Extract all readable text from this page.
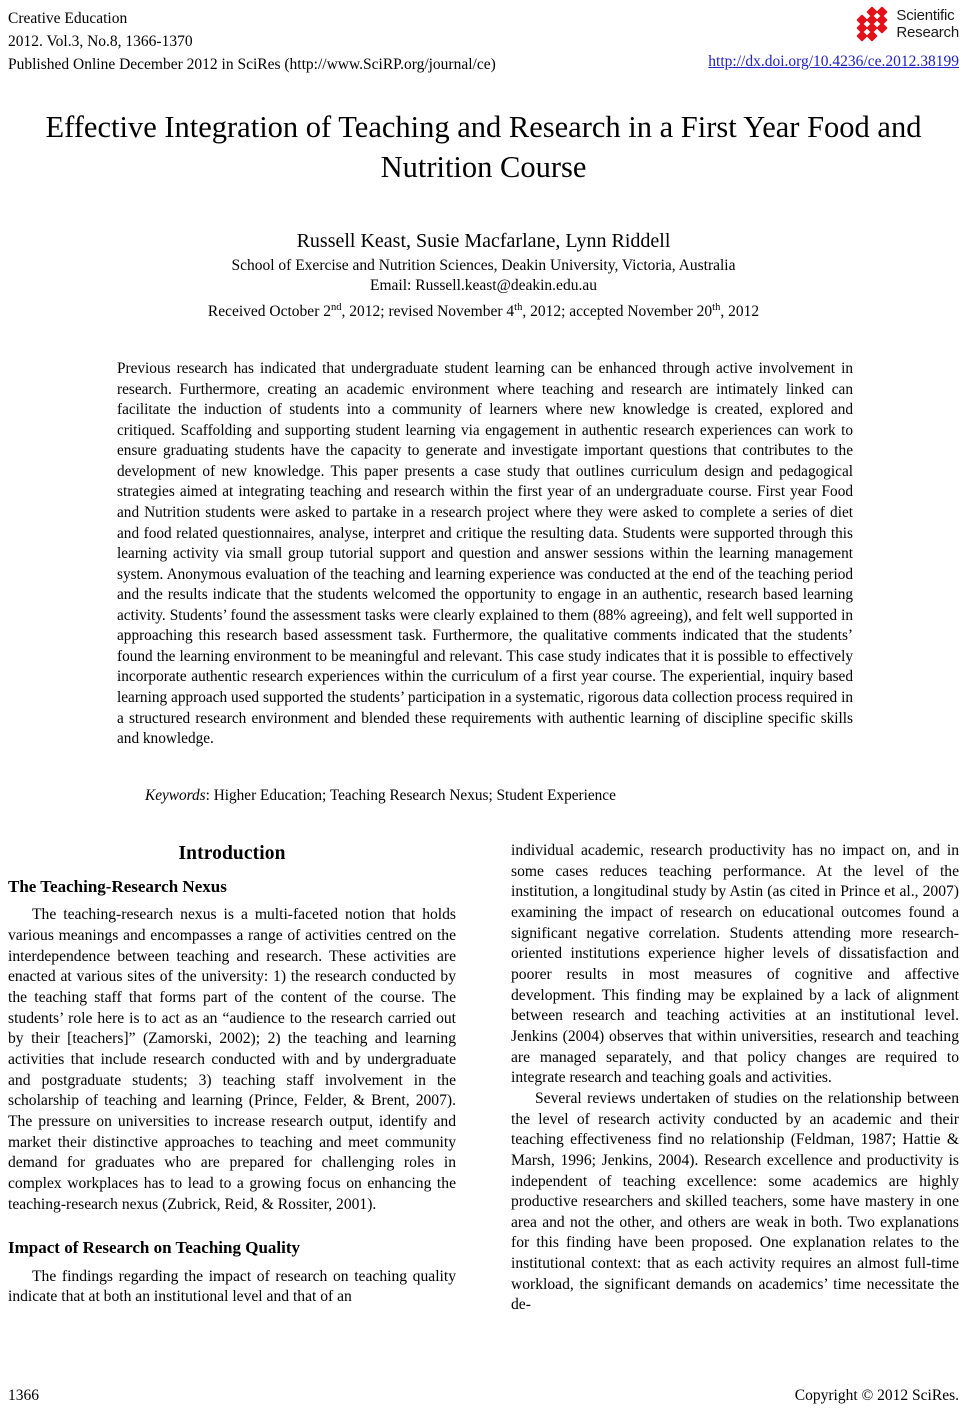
Creative Education
2012. Vol.3, No.8, 1366-1370
Published Online December 2012 in SciRes (http://www.SciRP.org/journal/ce)
Scientific
Research
http://dx.doi.org/10.4236/ce.2012.38199
Effective Integration of Teaching and Research in a First Year Food and Nutrition Course
Russell Keast, Susie Macfarlane, Lynn Riddell
School of Exercise and Nutrition Sciences, Deakin University, Victoria, Australia
Email: Russell.keast@deakin.edu.au
Received October 2nd, 2012; revised November 4th, 2012; accepted November 20th, 2012
Previous research has indicated that undergraduate student learning can be enhanced through active involvement in research. Furthermore, creating an academic environment where teaching and research are intimately linked can facilitate the induction of students into a community of learners where new knowledge is created, explored and critiqued. Scaffolding and supporting student learning via engagement in authentic research experiences can work to ensure graduating students have the capacity to generate and investigate important questions that contributes to the development of new knowledge. This paper presents a case study that outlines curriculum design and pedagogical strategies aimed at integrating teaching and research within the first year of an undergraduate course. First year Food and Nutrition students were asked to partake in a research project where they were asked to complete a series of diet and food related questionnaires, analyse, interpret and critique the resulting data. Students were supported through this learning activity via small group tutorial support and question and answer sessions within the learning management system. Anonymous evaluation of the teaching and learning experience was conducted at the end of the teaching period and the results indicate that the students welcomed the opportunity to engage in an authentic, research based learning activity. Students’ found the assessment tasks were clearly explained to them (88% agreeing), and felt well supported in approaching this research based assessment task. Furthermore, the qualitative comments indicated that the students’ found the learning environment to be meaningful and relevant. This case study indicates that it is possible to effectively incorporate authentic research experiences within the curriculum of a first year course. The experiential, inquiry based learning approach used supported the students’ participation in a systematic, rigorous data collection process required in a structured research environment and blended these requirements with authentic learning of discipline specific skills and knowledge.
Keywords: Higher Education; Teaching Research Nexus; Student Experience
Introduction
The Teaching-Research Nexus

The teaching-research nexus is a multi-faceted notion that holds various meanings and encompasses a range of activities centred on the interdependence between teaching and research. These activities are enacted at various sites of the university: 1) the research conducted by the teaching staff that forms part of the content of the course. The students’ role here is to act as an “audience to the research carried out by their [teachers]” (Zamorski, 2002); 2) the teaching and learning activities that include research conducted with and by undergraduate and postgraduate students; 3) teaching staff involvement in the scholarship of teaching and learning (Prince, Felder, & Brent, 2007). The pressure on universities to increase research output, identify and market their distinctive approaches to teaching and meet community demand for graduates who are prepared for challenging roles in complex workplaces has to lead to a growing focus on enhancing the teaching-research nexus (Zubrick, Reid, & Rossiter, 2001).

Impact of Research on Teaching Quality

The findings regarding the impact of research on teaching quality indicate that at both an institutional level and that of an

individual academic, research productivity has no impact on, and in some cases reduces teaching performance. At the level of the institution, a longitudinal study by Astin (as cited in Prince et al., 2007) examining the impact of research on educational outcomes found a significant negative correlation. Students attending more research-oriented institutions experience higher levels of dissatisfaction and poorer results in most measures of cognitive and affective development. This finding may be explained by a lack of alignment between research and teaching activities at an institutional level. Jenkins (2004) observes that within universities, research and teaching are managed separately, and that policy changes are required to integrate research and teaching goals and activities.

Several reviews undertaken of studies on the relationship between the level of research activity conducted by an academic and their teaching effectiveness find no relationship (Feldman, 1987; Hattie & Marsh, 1996; Jenkins, 2004). Research excellence and productivity is independent of teaching excellence: some academics are highly productive researchers and skilled teachers, some have mastery in one area and not the other, and others are weak in both. Two explanations for this finding have been proposed. One explanation relates to the institutional context: that as each activity requires an almost full-time workload, the significant demands on academics’ time necessitate the de-

1366	Copyright © 2012 SciRes.
